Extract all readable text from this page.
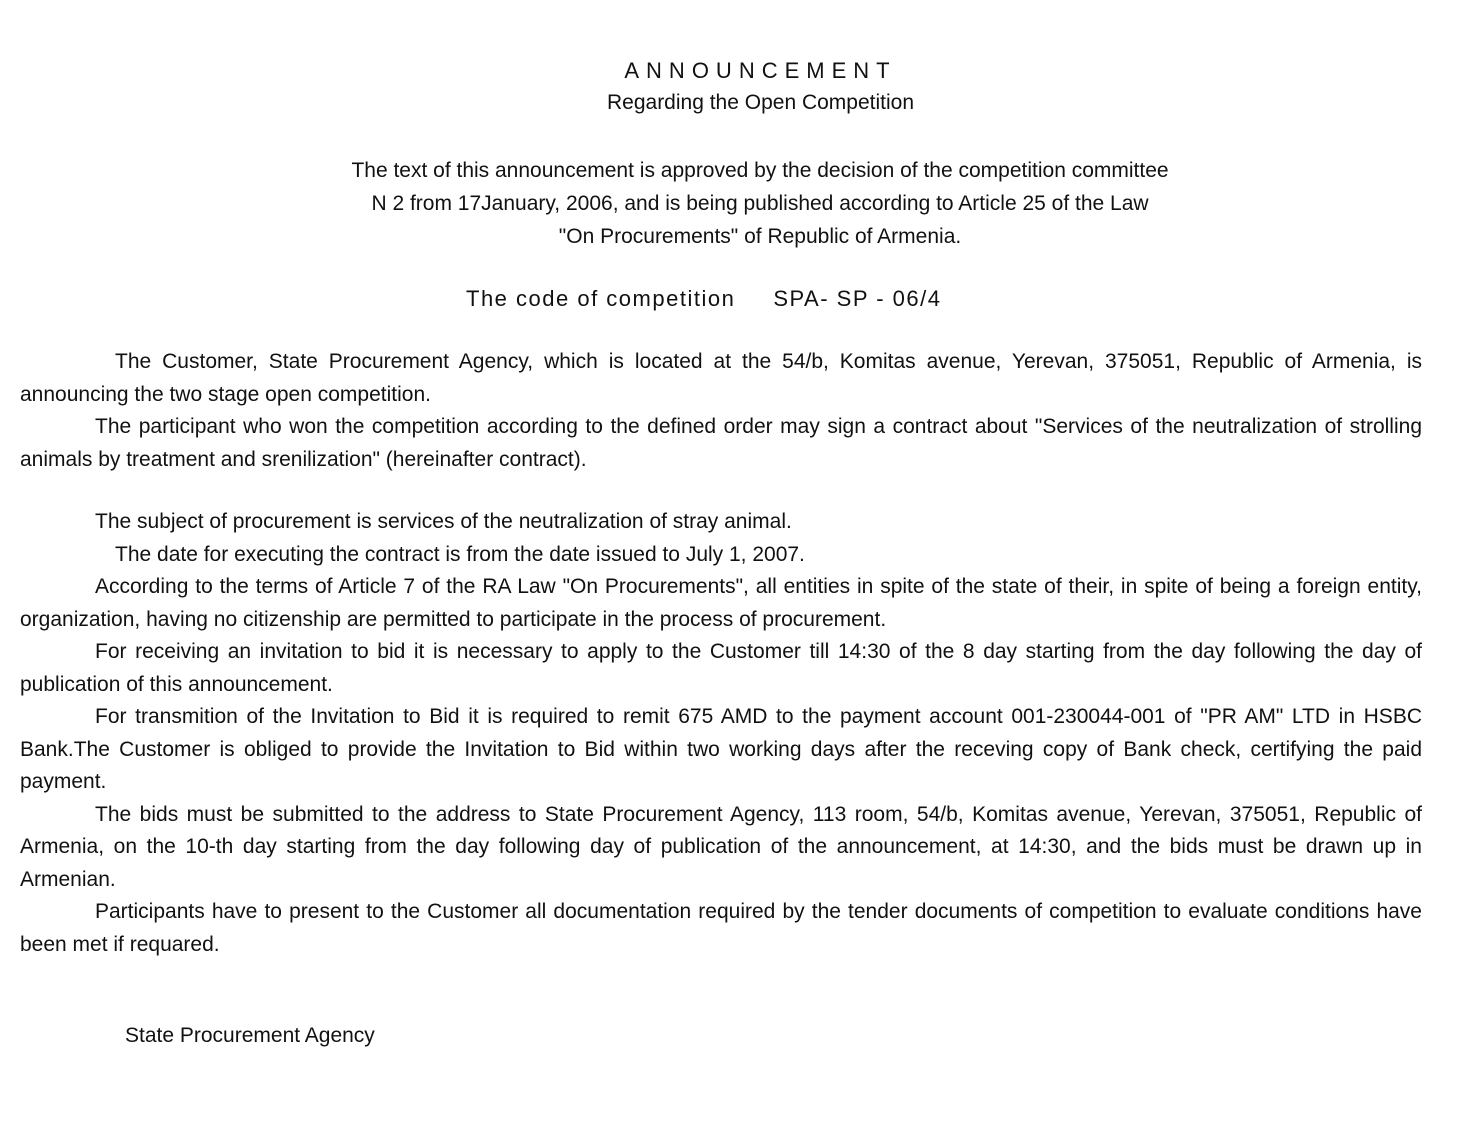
ANNOUNCEMENT
Regarding the Open Competition
The text of this announcement is approved by the decision of the competition committee
N 2 from 17January, 2006, and is being published according to Article 25 of the Law
"On Procurements" of Republic of Armenia.
The code of competition SPA- SP - 06/4

The Customer, State Procurement Agency, which is located at the 54/b, Komitas avenue, Yerevan, 375051, Republic of Armenia, is announcing the two stage open competition.

The participant who won the competition according to the defined order may sign a contract about "Services of the neutralization of strolling animals by treatment and srenilization" (hereinafter contract).

The subject of procurement is services of the neutralization of stray animal.

The date for executing the contract is from the date issued to July 1, 2007.

According to the terms of Article 7 of the RA Law "On Procurements", all entities in spite of the state of their, in spite of being a foreign entity, organization, having no citizenship are permitted to participate in the process of procurement.

For receiving an invitation to bid it is necessary to apply to the Customer till 14:30 of the 8 day starting from the day following the day of publication of this announcement.

For transmition of the Invitation to Bid it is required to remit 675 AMD to the payment account 001-230044-001 of "PR AM" LTD in HSBC Bank.The Customer is obliged to provide the Invitation to Bid within two working days after the receving copy of Bank check, certifying the paid payment.

The bids must be submitted to the address to State Procurement Agency, 113 room, 54/b, Komitas avenue, Yerevan, 375051, Republic of Armenia, on the 10-th day starting from the day following day of publication of the announcement, at 14:30, and the bids must be drawn up in Armenian.

Participants have to present to the Customer all documentation required by the tender documents of competition to evaluate conditions have been met if requared.

State Procurement Agency
